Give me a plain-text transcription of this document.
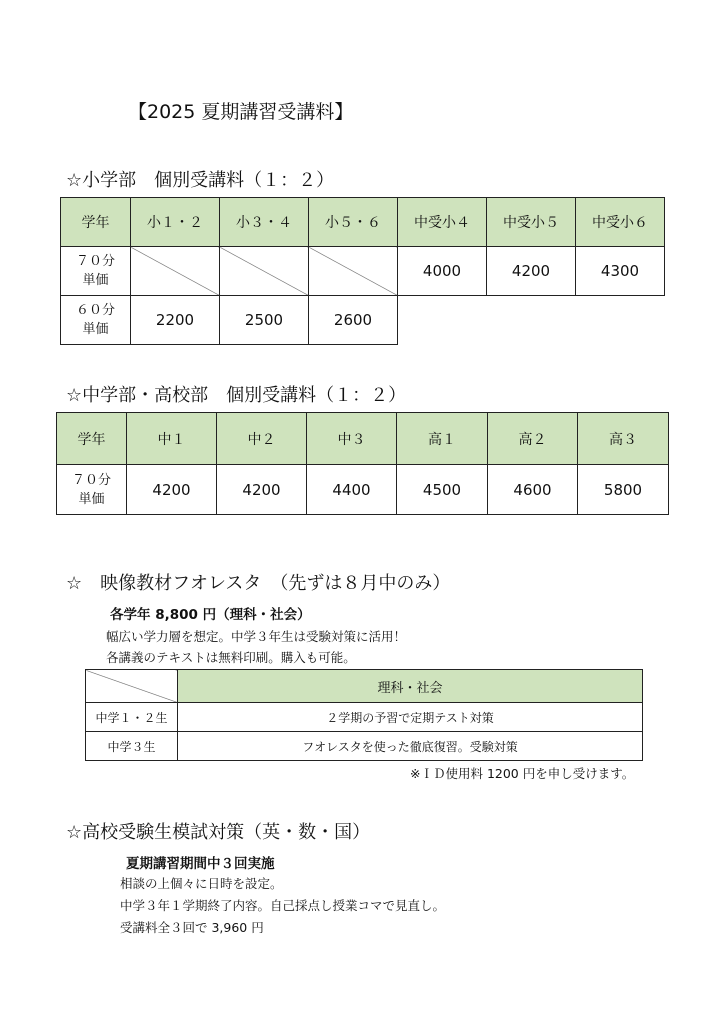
【2025 夏期講習受講料】
☆小学部　個別受講料（１：２）
学年	小１・２	小３・４	小５・６	中受小４	中受小５	中受小６
７０分
単価				4000	4200	4300
６０分
単価	2200	2500	2600			
☆中学部・高校部　個別受講料（１：２）
学年	中１	中２	中３	高１	高２	高３
７０分
単価	4200	4200	4400	4500	4600	5800
☆　映像教材フオレスタ　（先ずは８月中のみ）
各学年 8,800 円（理科・社会）
幅広い学力層を想定。中学３年生は受験対策に活用！
各講義のテキストは無料印刷。購入も可能。
	理科・社会
中学１・２生	２学期の予習で定期テスト対策
中学３生	フオレスタを使った徹底復習。受験対策
※ＩＤ使用料 1200 円を申し受けます。
☆高校受験生模試対策（英・数・国）
夏期講習期間中３回実施
相談の上個々に日時を設定。
中学３年１学期終了内容。自己採点し授業コマで見直し。
受講料全３回で 3,960 円
